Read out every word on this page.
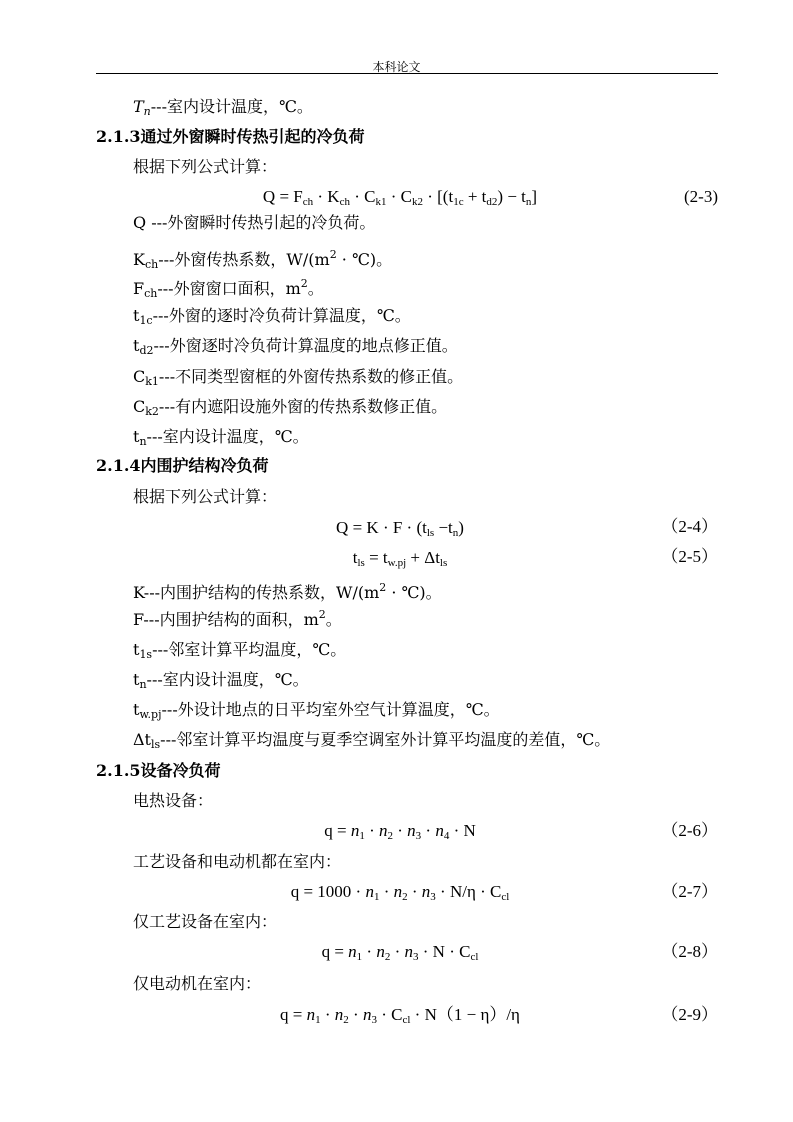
本科论文
$T_n---$室内设计温度，℃。
2.1.3通过外窗瞬时传热引起的冷负荷
根据下列公式计算：
$Q = F_{ch} \cdot K_{ch} \cdot C_{k1} \cdot C_{k2} \cdot [(t_{1c} + t_{d2}) - t_n]$	(2-3)
Q ---外窗瞬时传热引起的冷负荷。
$K_{ch}---$外窗传热系数，$W/(m^2$ · ℃)。
$F_{ch}---$外窗窗口面积，$m^2$。
$t_{1c}---$外窗的逐时冷负荷计算温度，℃。
$t_{d2}---$外窗逐时冷负荷计算温度的地点修正值。
$C_{k1}---$不同类型窗框的外窗传热系数的修正值。
$C_{k2}---$有内遮阳设施外窗的传热系数修正值。
$t_n---$室内设计温度，℃。
2.1.4内围护结构冷负荷
根据下列公式计算：
$Q = K \cdot F \cdot (t_{ls} -t_n)$	（2-4）
$t_{ls} = t_{w.pj} + \Delta t_{ls}$	（2-5）
K---内围护结构的传热系数，$W/(m^2$ · ℃)。
F---内围护结构的面积，$m^2$。
$t_{1s}---$邻室计算平均温度，℃。
$t_n---$室内设计温度，℃。
$t_{w.pj}---$外设计地点的日平均室外空气计算温度，℃。
$\Delta t_{ls}---$邻室计算平均温度与夏季空调室外计算平均温度的差值，℃。
2.1.5设备冷负荷
电热设备：
$q = n_1 \cdot n_2 \cdot n_3 \cdot n_4 \cdot N$	（2-6）
工艺设备和电动机都在室内：
$q = 1000 \cdot n_1 \cdot n_2 \cdot n_3 \cdot N/\eta \cdot C_{cl}$	（2-7）
仅工艺设备在室内：
$q = n_1 \cdot n_2 \cdot n_3 \cdot N \cdot C_{cl}$	（2-8）
仅电动机在室内：
$q = n_1 \cdot n_2 \cdot n_3 \cdot C_{cl} \cdot N(1 - \eta)/\eta$	（2-9）
